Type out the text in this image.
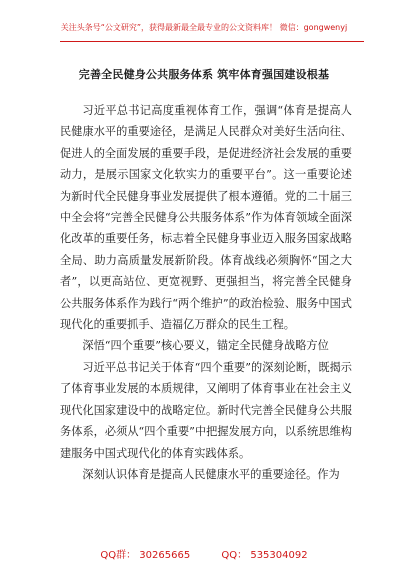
关注头条号“公文研究”，获得最新最全最专业的公文资料库！ 微信：gongwenyj
完善全民健身公共服务体系 筑牢体育强国建设根基

习近平总书记高度重视体育工作，强调“体育是提高人民健康水平的重要途径，是满足人民群众对美好生活向往、促进人的全面发展的重要手段，是促进经济社会发展的重要动力，是展示国家文化软实力的重要平台”。这一重要论述为新时代全民健身事业发展提供了根本遵循。党的二十届三中全会将“完善全民健身公共服务体系”作为体育领域全面深化改革的重要任务，标志着全民健身事业迈入服务国家战略全局、助力高质量发展新阶段。体育战线必须胸怀“国之大者”，以更高站位、更宽视野、更强担当，将完善全民健身公共服务体系作为践行“两个维护”的政治检验、服务中国式现代化的重要抓手、造福亿万群众的民生工程。

深悟“四个重要”核心要义，锚定全民健身战略方位

习近平总书记关于体育“四个重要”的深刻论断，既揭示了体育事业发展的本质规律，又阐明了体育事业在社会主义现代化国家建设中的战略定位。新时代完善全民健身公共服务体系，必须从“四个重要”中把握发展方向，以系统思维构建服务中国式现代化的体育实践体系。

深刻认识体育是提高人民健康水平的重要途径。作为

QQ群： 30265665	QQ： 535304092
